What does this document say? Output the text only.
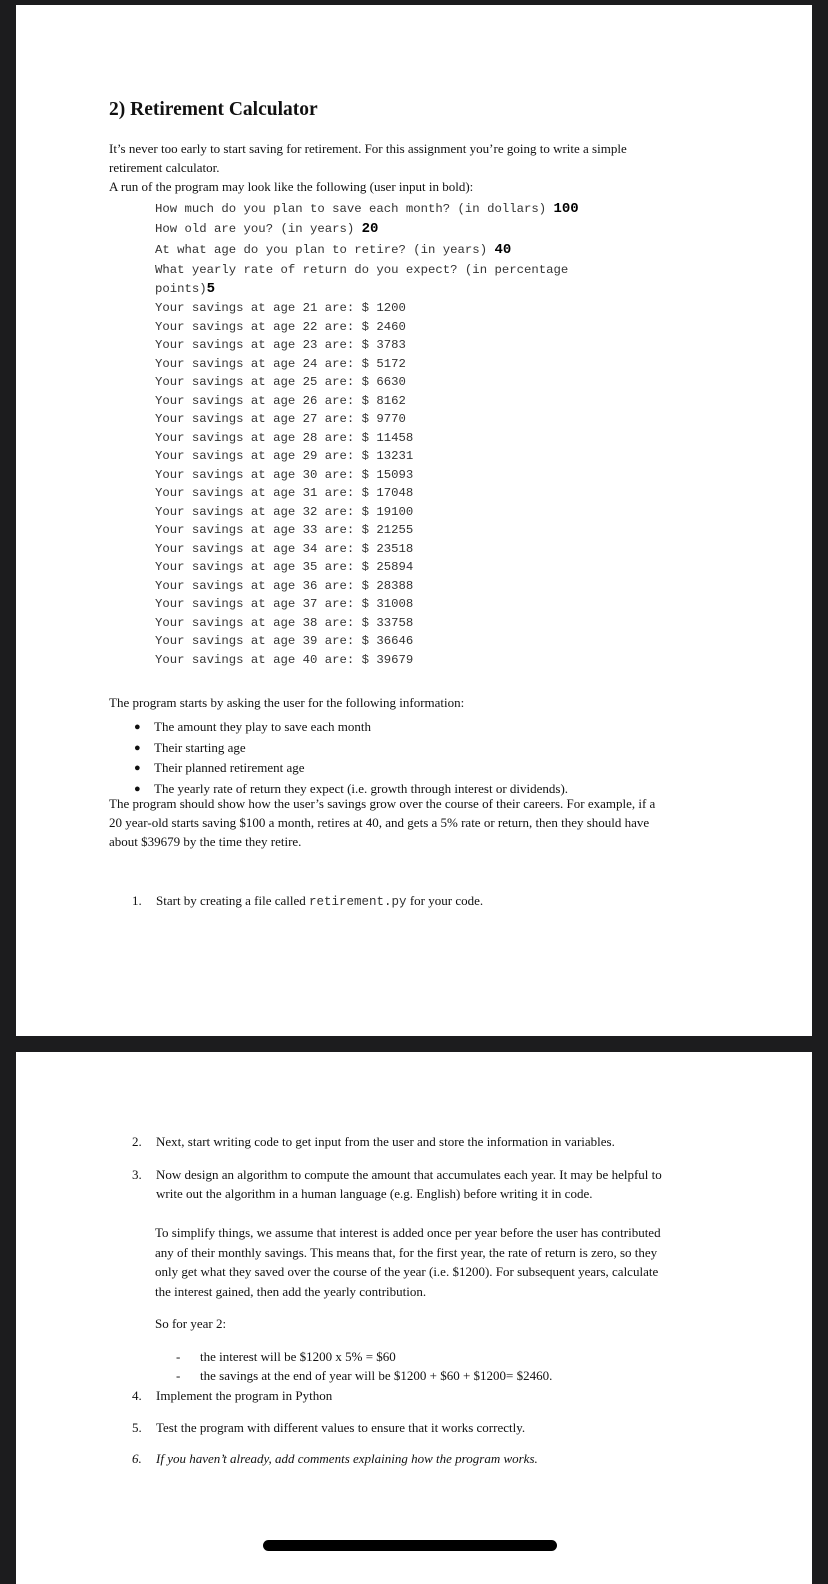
2) Retirement Calculator

It’s never too early to start saving for retirement. For this assignment you’re going to write a simple
retirement calculator.
A run of the program may look like the following (user input in bold):

How much do you plan to save each month? (in dollars) 100
How old are you? (in years) 20
At what age do you plan to retire? (in years) 40
What yearly rate of return do you expect? (in percentage
points)5
Your savings at age 21 are: $ 1200
Your savings at age 22 are: $ 2460
Your savings at age 23 are: $ 3783
Your savings at age 24 are: $ 5172
Your savings at age 25 are: $ 6630
Your savings at age 26 are: $ 8162
Your savings at age 27 are: $ 9770
Your savings at age 28 are: $ 11458
Your savings at age 29 are: $ 13231
Your savings at age 30 are: $ 15093
Your savings at age 31 are: $ 17048
Your savings at age 32 are: $ 19100
Your savings at age 33 are: $ 21255
Your savings at age 34 are: $ 23518
Your savings at age 35 are: $ 25894
Your savings at age 36 are: $ 28388
Your savings at age 37 are: $ 31008
Your savings at age 38 are: $ 33758
Your savings at age 39 are: $ 36646
Your savings at age 40 are: $ 39679

The program starts by asking the user for the following information:

● The amount they play to save each month
● Their starting age
● Their planned retirement age
● The yearly rate of return they expect (i.e. growth through interest or dividends).

The program should show how the user’s savings grow over the course of their careers. For example, if a
20 year-old starts saving $100 a month, retires at 40, and gets a 5% rate or return, then they should have
about $39679 by the time they retire.

1. Start by creating a file called retirement.py for your code.
2. Next, start writing code to get input from the user and store the information in variables.
3. Now design an algorithm to compute the amount that accumulates each year. It may be helpful to
write out the algorithm in a human language (e.g. English) before writing it in code.

To simplify things, we assume that interest is added once per year before the user has contributed
any of their monthly savings. This means that, for the first year, the rate of return is zero, so they
only get what they saved over the course of the year (i.e. $1200). For subsequent years, calculate
the interest gained, then add the yearly contribution.

So for year 2:

- the interest will be $1200 x 5% = $60
- the savings at the end of year will be $1200 + $60 + $1200= $2460.
4. Implement the program in Python
5. Test the program with different values to ensure that it works correctly.
6. If you haven’t already, add comments explaining how the program works.
